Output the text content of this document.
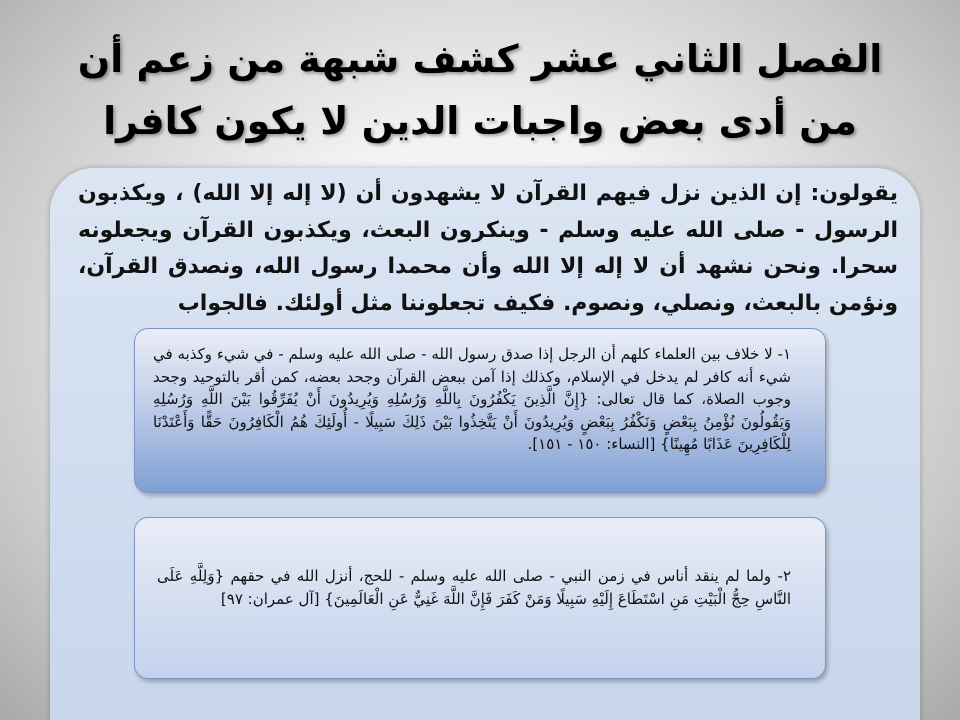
الفصل الثاني عشر كشف شبهة من زعم أن من أدى بعض واجبات الدين لا يكون كافرا
يقولون: إن الذين نزل فيهم القرآن لا يشهدون أن (لا إله إلا الله) ، ويكذبون الرسول - صلى الله عليه وسلم - وينكرون البعث، ويكذبون القرآن ويجعلونه سحرا. ونحن نشهد أن لا إله إلا الله وأن محمدا رسول الله، ونصدق القرآن، ونؤمن بالبعث، ونصلي، ونصوم. فكيف تجعلوننا مثل أولئك. فالجواب
١- لا خلاف بين العلماء كلهم أن الرجل إذا صدق رسول الله - صلى الله عليه وسلم - في شيء وكذبه في شيء أنه كافر لم يدخل في الإسلام، وكذلك إذا آمن ببعض القرآن وجحد بعضه، كمن أقر بالتوحيد وجحد وجوب الصلاة، كما قال تعالى: {إِنَّ الَّذِينَ يَكْفُرُونَ بِاللَّهِ وَرُسُلِهِ وَيُرِيدُونَ أَنْ يُفَرِّقُوا بَيْنَ اللَّهِ وَرُسُلِهِ وَيَقُولُونَ نُؤْمِنُ بِبَعْضٍ وَنَكْفُرُ بِبَعْضٍ وَيُرِيدُونَ أَنْ يَتَّخِذُوا بَيْنَ ذَلِكَ سَبِيلًا - أُولَئِكَ هُمُ الْكَافِرُونَ حَقًّا وَأَعْتَدْنَا لِلْكَافِرِينَ عَذَابًا مُهِينًا} [النساء: ١٥٠ - ١٥١].
٢- ولما لم ينقد أناس في زمن النبي - صلى الله عليه وسلم - للحج، أنزل الله في حقهم {وَلِلَّهِ عَلَى النَّاسِ حِجُّ الْبَيْتِ مَنِ اسْتَطَاعَ إِلَيْهِ سَبِيلًا وَمَنْ كَفَرَ فَإِنَّ اللَّهَ غَنِيٌّ عَنِ الْعَالَمِينَ} [آل عمران: ٩٧]
